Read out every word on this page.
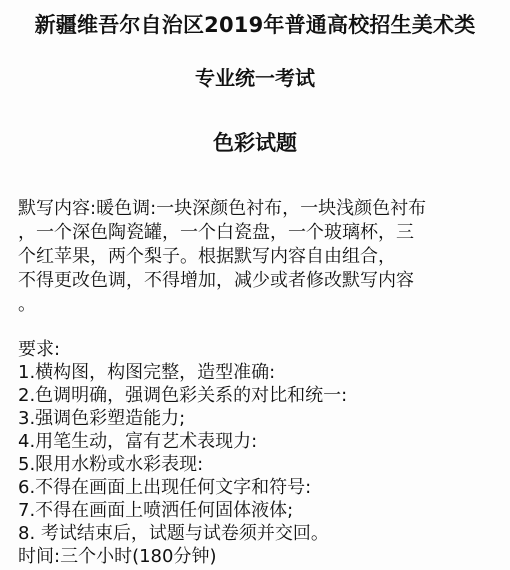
新疆维吾尔自治区2019年普通高校招生美术类
专业统一考试
色彩试题
默写内容:暖色调:一块深颜色衬布，一块浅颜色衬布
，一个深色陶瓷罐，一个白瓷盘，一个玻璃杯，三
个红苹果，两个梨子。根据默写内容自由组合，
不得更改色调，不得增加，减少或者修改默写内容
。
要求:
1.横构图，构图完整，造型准确:
2.色调明确，强调色彩关系的对比和统一:
3.强调色彩塑造能力;
4.用笔生动，富有艺术表现力:
5.限用水粉或水彩表现:
6.不得在画面上出现任何文字和符号:
7.不得在画面上喷洒任何固体液体;
8. 考试结束后，试题与试卷须并交回。
时间:三个小时(180分钟)
